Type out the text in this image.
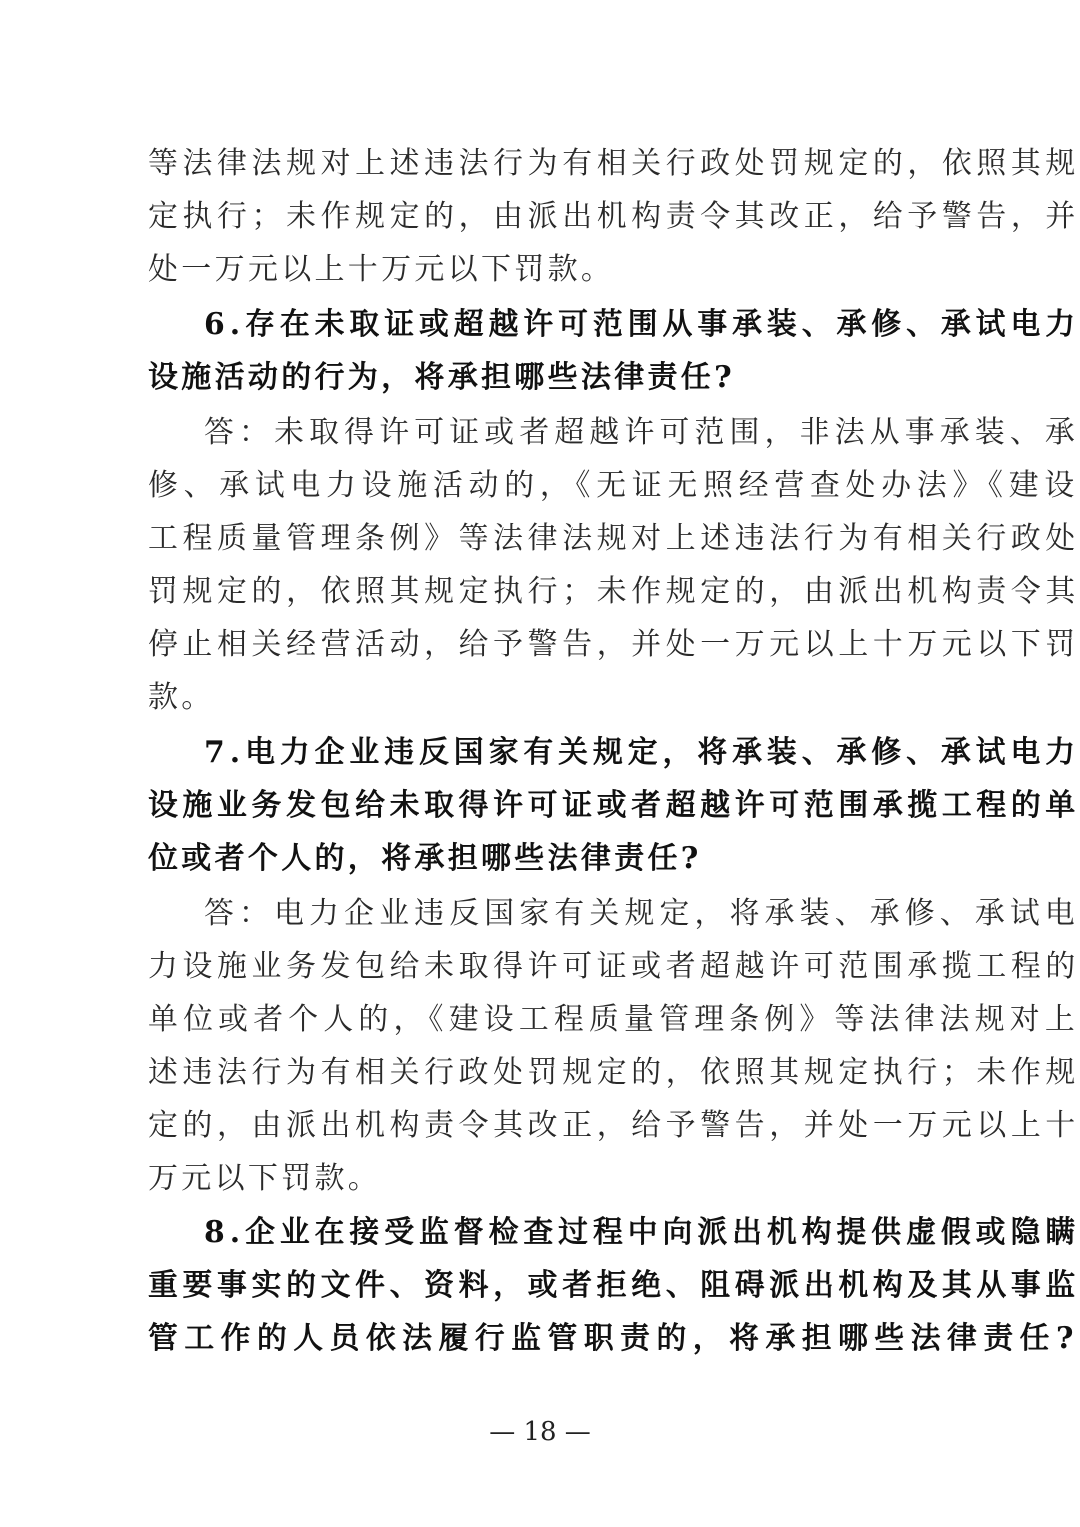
等法律法规对上述违法行为有相关行政处罚规定的，依照其规
定执行；未作规定的，由派出机构责令其改正，给予警告，并
处一万元以上十万元以下罚款。
6.存在未取证或超越许可范围从事承装、承修、承试电力
设施活动的行为，将承担哪些法律责任?
答：未取得许可证或者超越许可范围，非法从事承装、承
修、承试电力设施活动的，《无证无照经营查处办法》《建设
工程质量管理条例》等法律法规对上述违法行为有相关行政处
罚规定的，依照其规定执行；未作规定的，由派出机构责令其
停止相关经营活动，给予警告，并处一万元以上十万元以下罚
款。
7.电力企业违反国家有关规定，将承装、承修、承试电力
设施业务发包给未取得许可证或者超越许可范围承揽工程的单
位或者个人的，将承担哪些法律责任?
答：电力企业违反国家有关规定，将承装、承修、承试电
力设施业务发包给未取得许可证或者超越许可范围承揽工程的
单位或者个人的，《建设工程质量管理条例》等法律法规对上
述违法行为有相关行政处罚规定的，依照其规定执行；未作规
定的，由派出机构责令其改正，给予警告，并处一万元以上十
万元以下罚款。
8.企业在接受监督检查过程中向派出机构提供虚假或隐瞒
重要事实的文件、资料，或者拒绝、阻碍派出机构及其从事监
管工作的人员依法履行监管职责的，将承担哪些法律责任?
— 18 —
